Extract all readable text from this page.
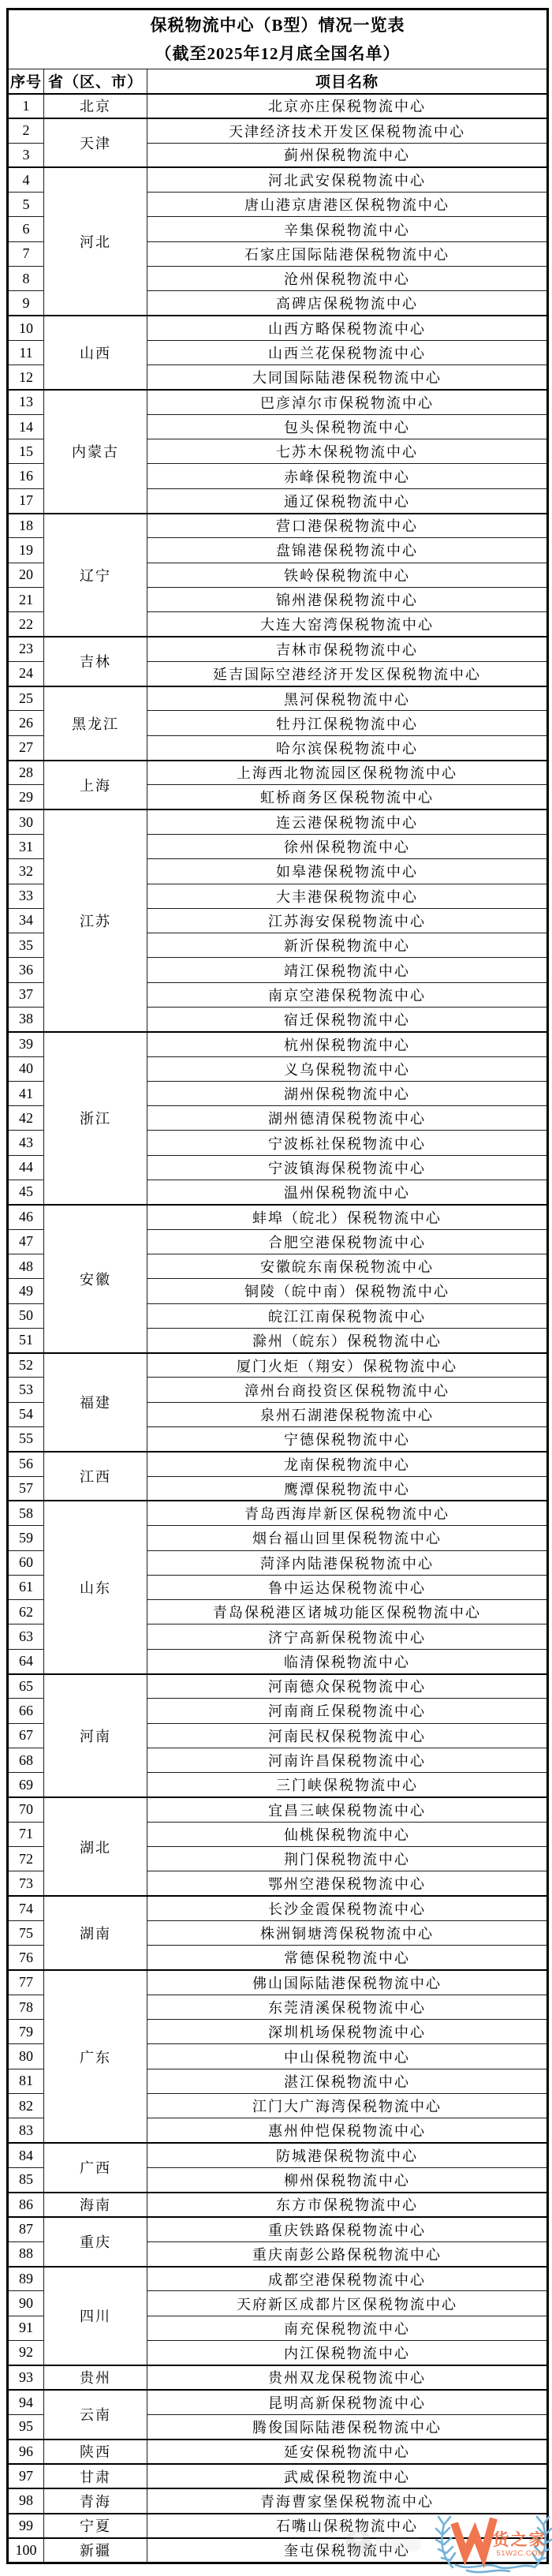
保税物流中心（B型）情况一览表
（截至2025年12月底全国名单）		

序号	省（区、市）	项目名称
1	北京	北京亦庄保税物流中心
2	天津	天津经济技术开发区保税物流中心
3		蓟州保税物流中心
4	河北	河北武安保税物流中心
5		唐山港京唐港区保税物流中心
6		辛集保税物流中心
7		石家庄国际陆港保税物流中心
8		沧州保税物流中心
9		高碑店保税物流中心
10	山西	山西方略保税物流中心
11		山西兰花保税物流中心
12		大同国际陆港保税物流中心
13	内蒙古	巴彦淖尔市保税物流中心
14		包头保税物流中心
15		七苏木保税物流中心
16		赤峰保税物流中心
17		通辽保税物流中心
18	辽宁	营口港保税物流中心
19		盘锦港保税物流中心
20		铁岭保税物流中心
21		锦州港保税物流中心
22		大连大窑湾保税物流中心
23	吉林	吉林市保税物流中心
24		延吉国际空港经济开发区保税物流中心
25	黑龙江	黑河保税物流中心
26		牡丹江保税物流中心
27		哈尔滨保税物流中心
28	上海	上海西北物流园区保税物流中心
29		虹桥商务区保税物流中心
30	江苏	连云港保税物流中心
31		徐州保税物流中心
32		如皋港保税物流中心
33		大丰港保税物流中心
34		江苏海安保税物流中心
35		新沂保税物流中心
36		靖江保税物流中心
37		南京空港保税物流中心
38		宿迁保税物流中心
39	浙江	杭州保税物流中心
40		义乌保税物流中心
41		湖州保税物流中心
42		湖州德清保税物流中心
43		宁波栎社保税物流中心
44		宁波镇海保税物流中心
45		温州保税物流中心
46	安徽	蚌埠（皖北）保税物流中心
47		合肥空港保税物流中心
48		安徽皖东南保税物流中心
49		铜陵（皖中南）保税物流中心
50		皖江江南保税物流中心
51		滁州（皖东）保税物流中心
52	福建	厦门火炬（翔安）保税物流中心
53		漳州台商投资区保税物流中心
54		泉州石湖港保税物流中心
55		宁德保税物流中心
56	江西	龙南保税物流中心
57		鹰潭保税物流中心
58	山东	青岛西海岸新区保税物流中心
59		烟台福山回里保税物流中心
60		菏泽内陆港保税物流中心
61		鲁中运达保税物流中心
62		青岛保税港区诸城功能区保税物流中心
63		济宁高新保税物流中心
64		临清保税物流中心
65	河南	河南德众保税物流中心
66		河南商丘保税物流中心
67		河南民权保税物流中心
68		河南许昌保税物流中心
69		三门峡保税物流中心
70	湖北	宜昌三峡保税物流中心
71		仙桃保税物流中心
72		荆门保税物流中心
73		鄂州空港保税物流中心
74	湖南	长沙金霞保税物流中心
75		株洲铜塘湾保税物流中心
76		常德保税物流中心
77	广东	佛山国际陆港保税物流中心
78		东莞清溪保税物流中心
79		深圳机场保税物流中心
80		中山保税物流中心
81		湛江保税物流中心
82		江门大广海湾保税物流中心
83		惠州仲恺保税物流中心
84	广西	防城港保税物流中心
85		柳州保税物流中心
86	海南	东方市保税物流中心
87	重庆	重庆铁路保税物流中心
88		重庆南彭公路保税物流中心
89	四川	成都空港保税物流中心
90		天府新区成都片区保税物流中心
91		南充保税物流中心
92		内江保税物流中心
93	贵州	贵州双龙保税物流中心
94	云南	昆明高新保税物流中心
95		腾俊国际陆港保税物流中心
96	陕西	延安保税物流中心
97	甘肃	武威保税物流中心
98	青海	青海曹家堡保税物流中心
99	宁夏	石嘴山保税物流中心
100	新疆	奎屯保税物流中心
货之家
51W2C.COM
